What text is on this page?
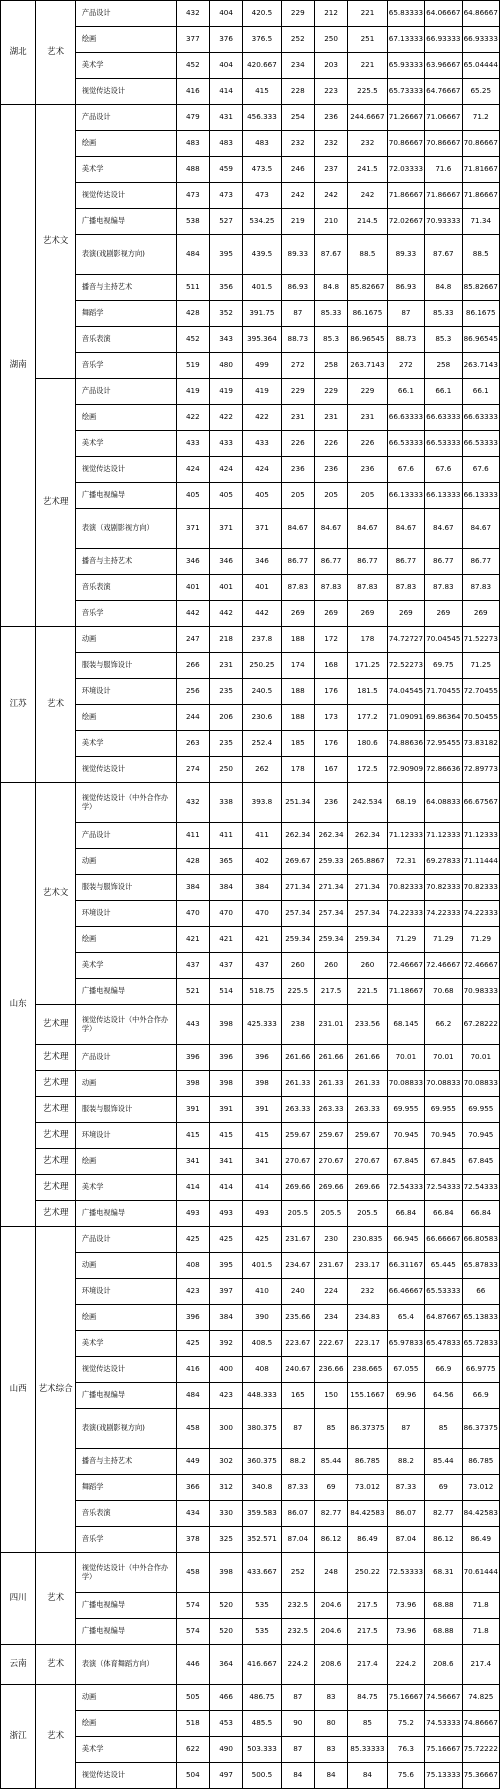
湖北	艺术	产品设计	432	404	420.5	229	212	221	65.83333	64.06667	64.86667
		绘画	377	376	376.5	252	250	251	67.13333	66.93333	66.93333
		美术学	452	404	420.667	234	203	221	65.93333	63.96667	65.04444
		视觉传达设计	416	414	415	228	223	225.5	65.73333	64.76667	65.25
湖南	艺术文	产品设计	479	431	456.333	254	236	244.6667	71.26667	71.06667	71.2
		绘画	483	483	483	232	232	232	70.86667	70.86667	70.86667
		美术学	488	459	473.5	246	237	241.5	72.03333	71.6	71.81667
		视觉传达设计	473	473	473	242	242	242	71.86667	71.86667	71.86667
		广播电视编导	538	527	534.25	219	210	214.5	72.02667	70.93333	71.34
		表演(戏剧影视方向)	484	395	439.5	89.33	87.67	88.5	89.33	87.67	88.5
		播音与主持艺术	511	356	401.5	86.93	84.8	85.82667	86.93	84.8	85.82667
		舞蹈学	428	352	391.75	87	85.33	86.1675	87	85.33	86.1675
		音乐表演	452	343	395.364	88.73	85.3	86.96545	88.73	85.3	86.96545
		音乐学	519	480	499	272	258	263.7143	272	258	263.7143
	艺术理	产品设计	419	419	419	229	229	229	66.1	66.1	66.1
		绘画	422	422	422	231	231	231	66.63333	66.63333	66.63333
		美术学	433	433	433	226	226	226	66.53333	66.53333	66.53333
		视觉传达设计	424	424	424	236	236	236	67.6	67.6	67.6
		广播电视编导	405	405	405	205	205	205	66.13333	66.13333	66.13333
		表演（戏剧影视方向）	371	371	371	84.67	84.67	84.67	84.67	84.67	84.67
		播音与主持艺术	346	346	346	86.77	86.77	86.77	86.77	86.77	86.77
		音乐表演	401	401	401	87.83	87.83	87.83	87.83	87.83	87.83
		音乐学	442	442	442	269	269	269	269	269	269
江苏	艺术	动画	247	218	237.8	188	172	178	74.72727	70.04545	71.52273
		服装与服饰设计	266	231	250.25	174	168	171.25	72.52273	69.75	71.25
		环境设计	256	235	240.5	188	176	181.5	74.04545	71.70455	72.70455
		绘画	244	206	230.6	188	173	177.2	71.09091	69.86364	70.50455
		美术学	263	235	252.4	185	176	180.6	74.88636	72.95455	73.83182
		视觉传达设计	274	250	262	178	167	172.5	72.90909	72.86636	72.89773
山东	艺术文	视觉传达设计（中外合作办学）	432	338	393.8	251.34	236	242.534	68.19	64.08833	66.67567
		产品设计	411	411	411	262.34	262.34	262.34	71.12333	71.12333	71.12333
		动画	428	365	402	269.67	259.33	265.8867	72.31	69.27833	71.11444
		服装与服饰设计	384	384	384	271.34	271.34	271.34	70.82333	70.82333	70.82333
		环境设计	470	470	470	257.34	257.34	257.34	74.22333	74.22333	74.22333
		绘画	421	421	421	259.34	259.34	259.34	71.29	71.29	71.29
		美术学	437	437	437	260	260	260	72.46667	72.46667	72.46667
		广播电视编导	521	514	518.75	225.5	217.5	221.5	71.18667	70.68	70.98333
	艺术理	视觉传达设计（中外合作办学）	443	398	425.333	238	231.01	233.56	68.145	66.2	67.28222
	艺术理	产品设计	396	396	396	261.66	261.66	261.66	70.01	70.01	70.01
	艺术理	动画	398	398	398	261.33	261.33	261.33	70.08833	70.08833	70.08833
	艺术理	服装与服饰设计	391	391	391	263.33	263.33	263.33	69.955	69.955	69.955
	艺术理	环境设计	415	415	415	259.67	259.67	259.67	70.945	70.945	70.945
	艺术理	绘画	341	341	341	270.67	270.67	270.67	67.845	67.845	67.845
	艺术理	美术学	414	414	414	269.66	269.66	269.66	72.54333	72.54333	72.54333
	艺术理	广播电视编导	493	493	493	205.5	205.5	205.5	66.84	66.84	66.84
山西	艺术综合	产品设计	425	425	425	231.67	230	230.835	66.945	66.66667	66.80583
		动画	408	395	401.5	234.67	231.67	233.17	66.31167	65.445	65.87833
		环境设计	423	397	410	240	224	232	66.46667	65.53333	66
		绘画	396	384	390	235.66	234	234.83	65.4	64.87667	65.13833
		美术学	425	392	408.5	223.67	222.67	223.17	65.97833	65.47833	65.72833
		视觉传达设计	416	400	408	240.67	236.66	238.665	67.055	66.9	66.9775
		广播电视编导	484	423	448.333	165	150	155.1667	69.96	64.56	66.9
		表演(戏剧影视方向)	458	300	380.375	87	85	86.37375	87	85	86.37375
		播音与主持艺术	449	302	360.375	88.2	85.44	86.785	88.2	85.44	86.785
		舞蹈学	366	312	340.8	87.33	69	73.012	87.33	69	73.012
		音乐表演	434	330	359.583	86.07	82.77	84.42583	86.07	82.77	84.42583
		音乐学	378	325	352.571	87.04	86.12	86.49	87.04	86.12	86.49
四川	艺术	视觉传达设计（中外合作办学）	458	398	433.667	252	248	250.22	72.53333	68.31	70.61444
		广播电视编导	574	520	535	232.5	204.6	217.5	73.96	68.88	71.8
		广播电视编导	574	520	535	232.5	204.6	217.5	73.96	68.88	71.8
云南	艺术	表演（体育舞蹈方向）	446	364	416.667	224.2	208.6	217.4	224.2	208.6	217.4
浙江	艺术	动画	505	466	486.75	87	83	84.75	75.16667	74.56667	74.825
		绘画	518	453	485.5	90	80	85	75.2	74.53333	74.86667
		美术学	622	490	503.333	87	83	85.33333	76.3	75.16667	75.72222
		视觉传达设计	504	497	500.5	84	84	84	75.6	75.13333	75.36667
